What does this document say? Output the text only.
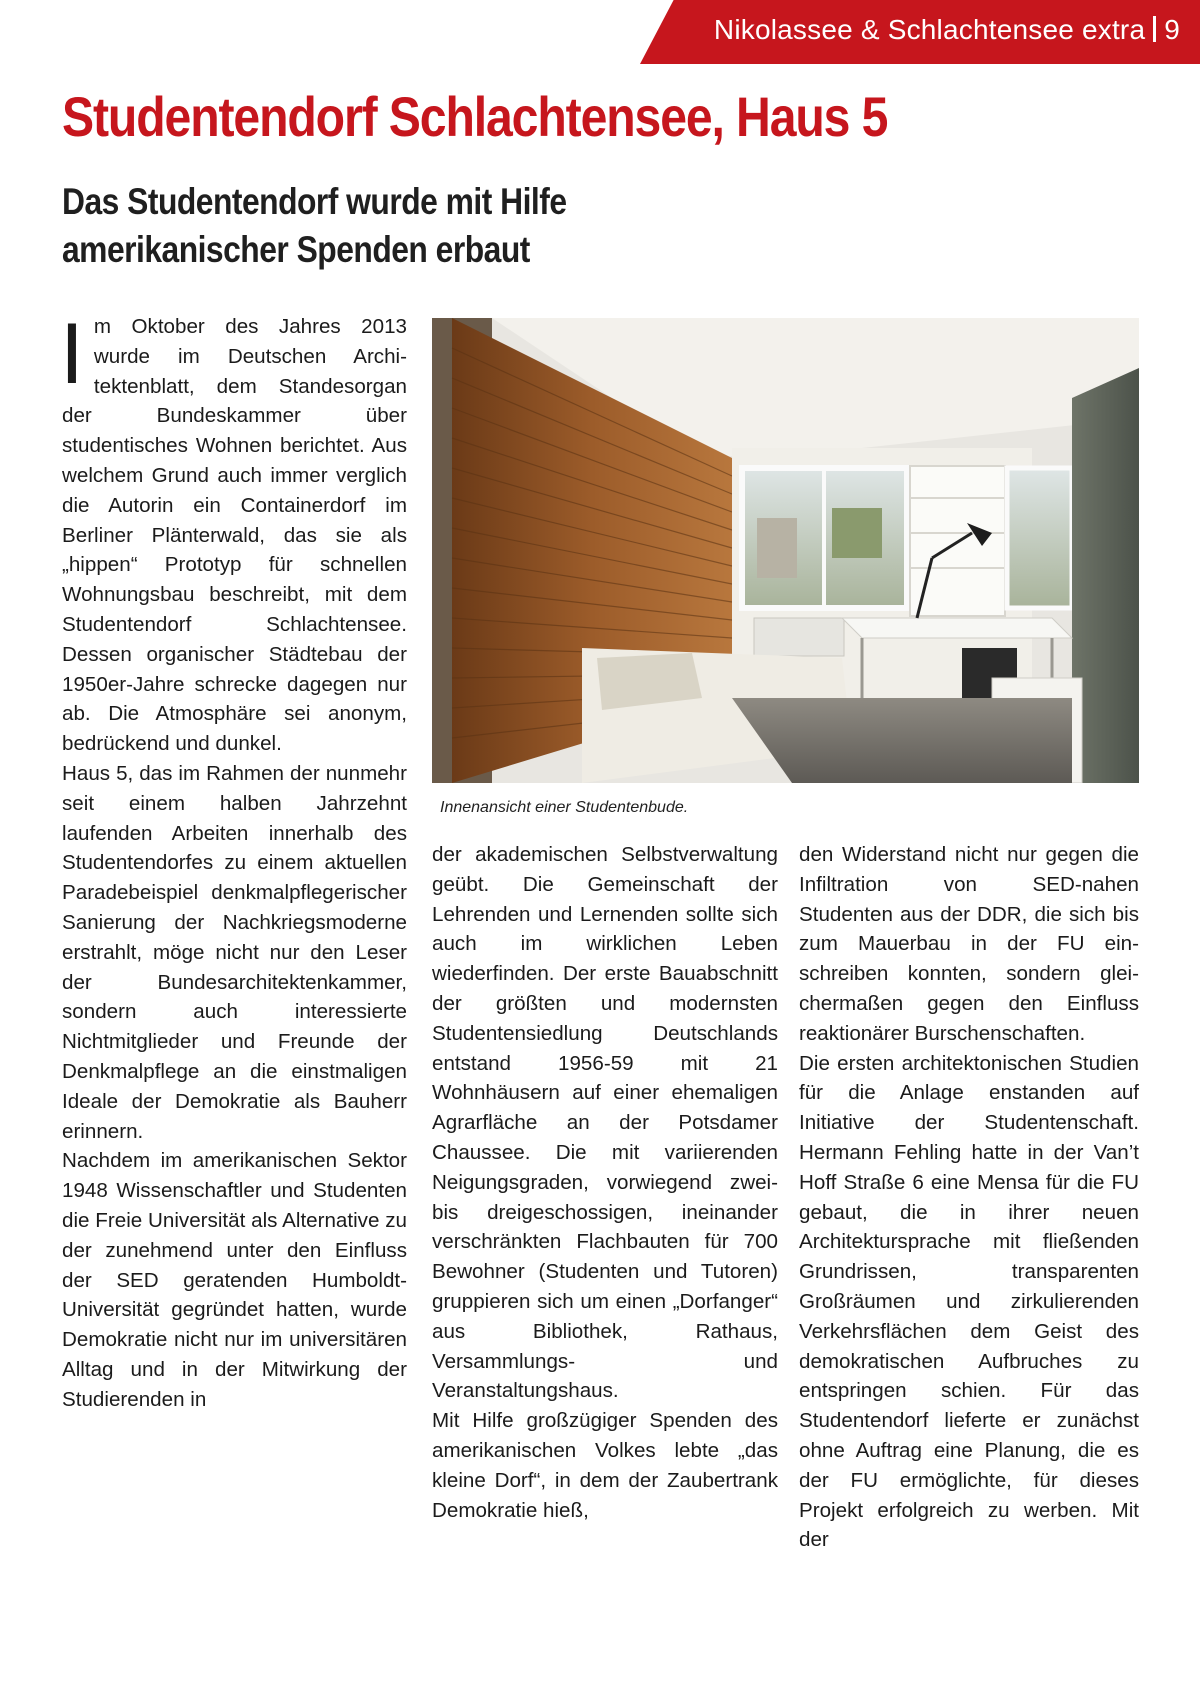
Nikolassee & Schlachtensee extra 9
Studentendorf Schlachtensee, Haus 5
Das Studentendorf wurde mit Hilfe
amerikanischer Spenden erbaut

Im Oktober des Jahres 2013 wurde im Deutschen Architektenblatt, dem Standesorgan der Bundeskammer über studentisches Wohnen berichtet. Aus welchem Grund auch immer verglich die Autorin ein Containerdorf im Berliner Plänterwald, das sie als „hippen“ Prototyp für schnellen Wohnungsbau beschreibt, mit dem Studentendorf Schlachtensee. Dessen organischer Städtebau der 1950er-Jahre schrecke dagegen nur ab. Die Atmosphäre sei anonym, bedrückend und dunkel.

Haus 5, das im Rahmen der nunmehr seit einem halben Jahrzehnt laufenden Arbeiten innerhalb des Studentendorfes zu einem aktuellen Paradebeispiel denkmalpflegerischer Sanierung der Nachkriegsmoderne erstrahlt, möge nicht nur den Leser der Bundesarchitektenkammer, sondern auch interessierte Nichtmitglieder und Freunde der Denkmalpflege an die einstmaligen Ideale der Demokratie als Bauherr erinnern.

Nachdem im amerikanischen Sektor 1948 Wissenschaftler und Studenten die Freie Universität als Alternative zu der zunehmend unter den Einfluss der SED geratenden Humboldt-Universität gegründet hatten, wurde Demokratie nicht nur im universitären Alltag und in der Mitwirkung der Studierenden in

Innenansicht einer Studentenbude.

der akademischen Selbstverwaltung geübt. Die Gemeinschaft der Lehrenden und Lernenden sollte sich auch im wirklichen Leben wiederfinden. Der erste Bauabschnitt der größten und modernsten Studentensiedlung Deutschlands entstand 1956-59 mit 21 Wohnhäusern auf einer ehemaligen Agrarfläche an der Potsdamer Chaussee. Die mit variierenden Neigungsgraden, vorwiegend zwei- bis dreigeschossigen, ineinander verschränkten Flachbauten für 700 Bewohner (Studenten und Tutoren) gruppieren sich um einen „Dorfanger“ aus Bibliothek, Rathaus, Versammlungs- und Veranstaltungshaus.

Mit Hilfe großzügiger Spenden des amerikanischen Volkes lebte „das kleine Dorf“, in dem der Zaubertrank Demokratie hieß,

den Widerstand nicht nur gegen die Infiltration von SED-nahen Studenten aus der DDR, die sich bis zum Mauerbau in der FU einschreiben konnten, sondern gleichermaßen gegen den Einfluss reaktionärer Burschenschaften.

Die ersten architektonischen Studien für die Anlage enstanden auf Initiative der Studentenschaft. Hermann Fehling hatte in der Van’t Hoff Straße 6 eine Mensa für die FU gebaut, die in ihrer neuen Architektursprache mit fließenden Grundrissen, transparenten Großräumen und zirkulierenden Verkehrsflächen dem Geist des demokratischen Aufbruches zu entspringen schien. Für das Studentendorf lieferte er zunächst ohne Auftrag eine Planung, die es der FU ermöglichte, für dieses Projekt erfolgreich zu werben. Mit der
